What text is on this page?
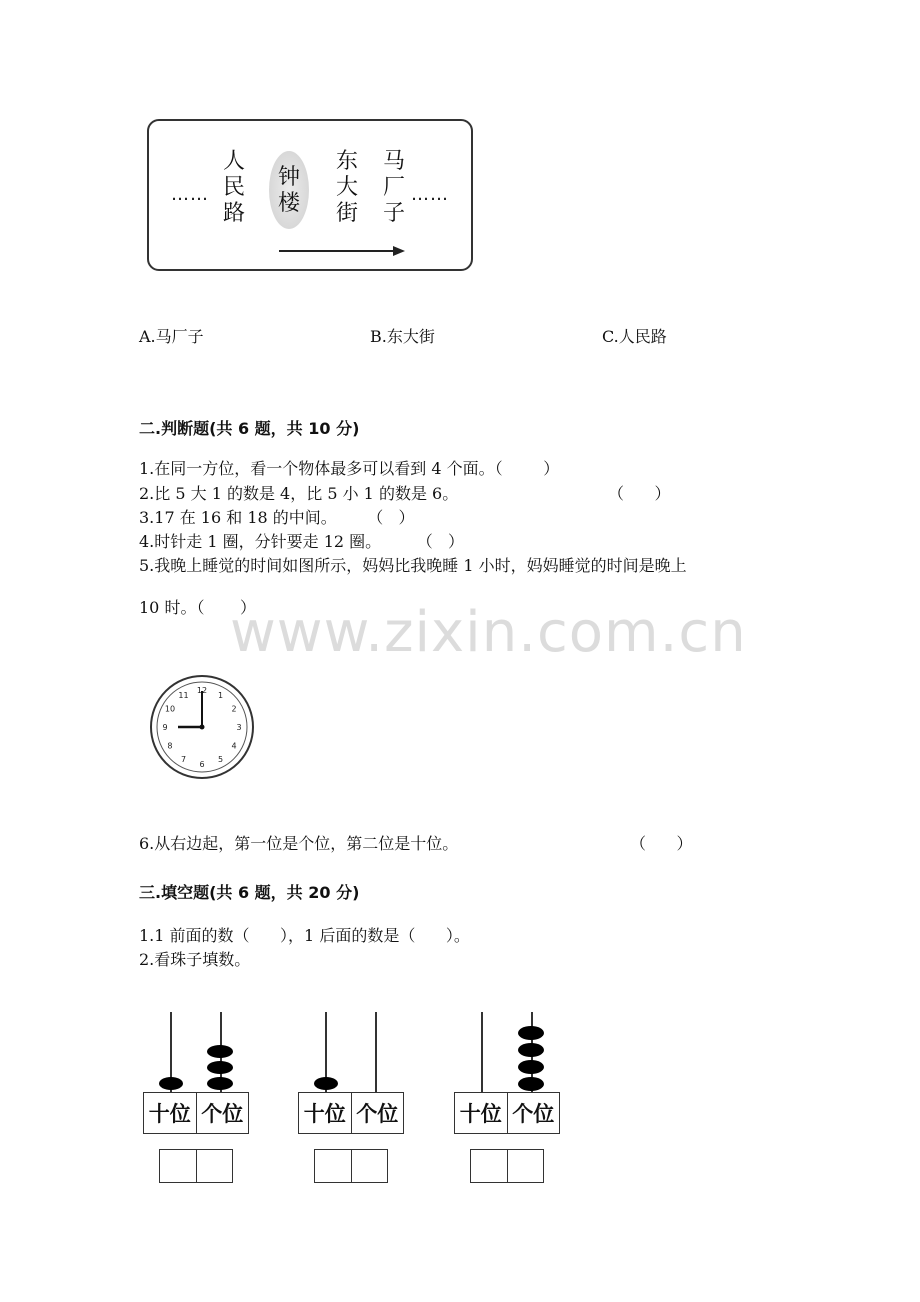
……
人民路
钟楼
东大街
马厂子
……
A.马厂子	B.东大街	C.人民路
二.判断题(共 6 题，共 10 分)
1.在同一方位，看一个物体最多可以看到 4 个面。（        ）
2.比 5 大 1 的数是 4，比 5 小 1 的数是 6。	（      ）
3.17 在 16 和 18 的中间。      （   ）
4.时针走 1 圈，分针要走 12 圈。       （   ）
5.我晚上睡觉的时间如图所示，妈妈比我晚睡 1 小时，妈妈睡觉的时间是晚上
10 时。（       ）
www.zixin.com.cn
12
1
2
3
4
5
6
7
8
9
10
11
6.从右边起，第一位是个位，第二位是十位。	（      ）
三.填空题(共 6 题，共 20 分)
1.1 前面的数（      ），1 后面的数是（      ）。
2.看珠子填数。
十位 个位	十位 个位	十位 个位
